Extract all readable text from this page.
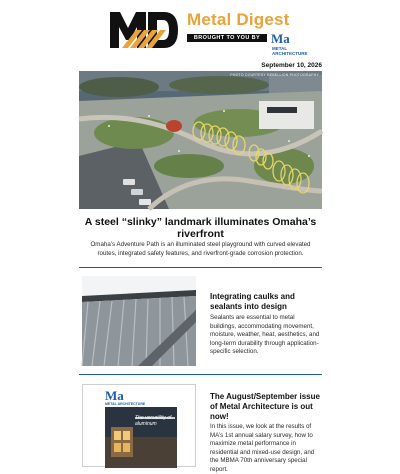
Metal Digest
BROUGHT TO YOU BY Ma
METAL ARCHITECTURE
September 10, 2026
PHOTO COURTESY REBELLION PHOTOGRAPHY
A steel “slinky” landmark illuminates Omaha’s riverfront
Omaha’s Adventure Path is an illuminated steel playground with curved elevated routes, integrated safety features, and riverfront-grade corrosion protection.
Integrating caulks and sealants into design
Sealants are essential to metal buildings, accommodating movement, moisture, weather, heat, aesthetics, and long-term durability through application-specific selection.
Ma
METAL ARCHITECTURE
The versatility of aluminum
The August/September issue of Metal Architecture is out now!
In this issue, we look at the results of MA’s 1st annual salary survey, how to maximize metal performance in residential and mixed-use design, and the MBMA 70th anniversary special report.
